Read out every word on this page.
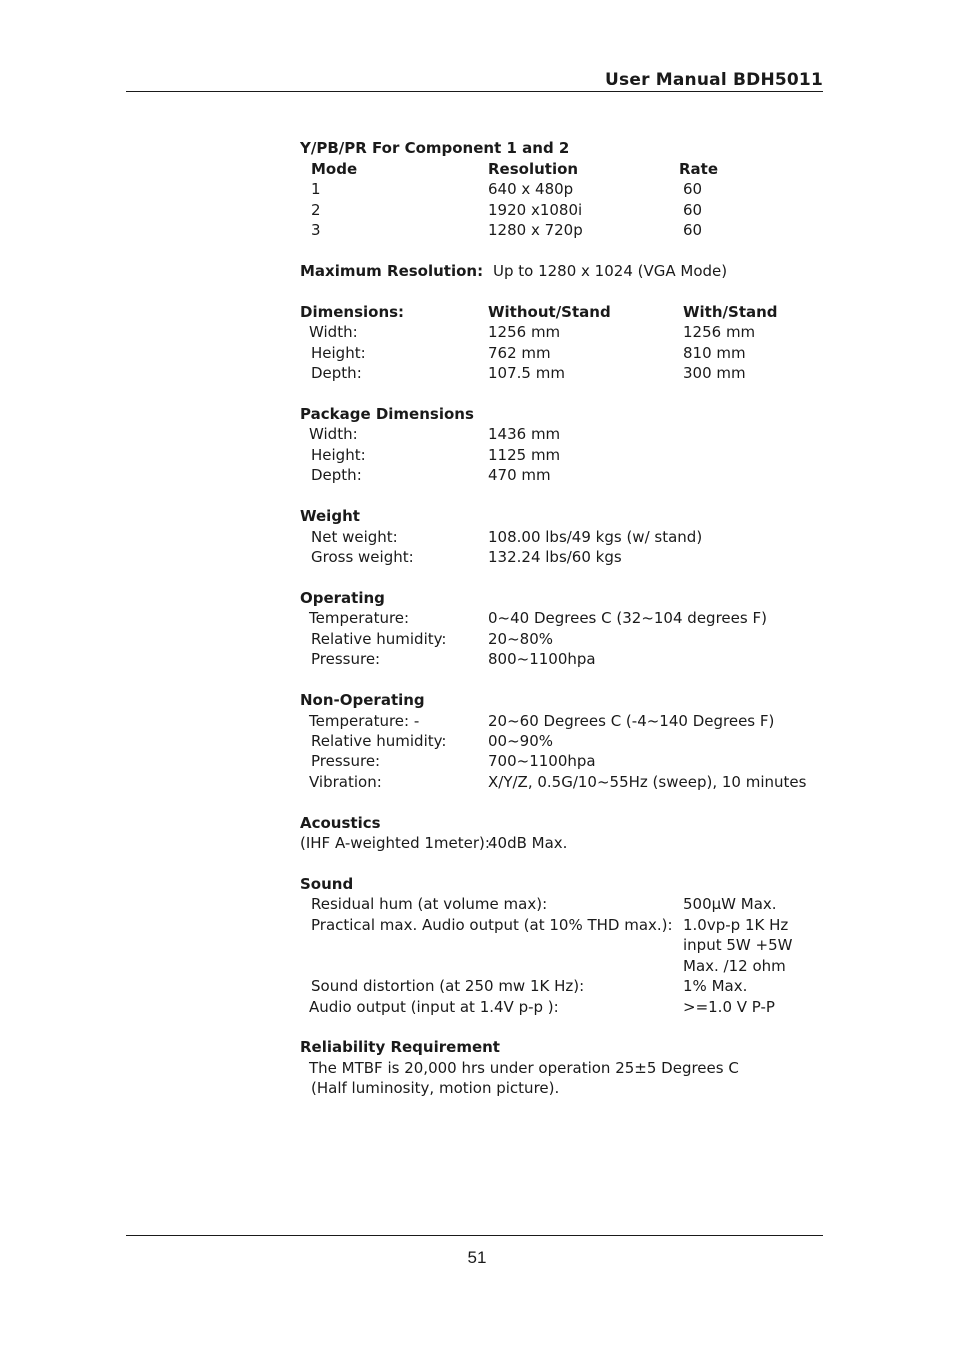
User Manual BDH5011
Y/PB/PR For Component 1 and 2
Mode	Resolution	Rate
1	640 x 480p	60
2	1920 x1080i	60
3	1280 x 720p	60
Maximum Resolution: Up to 1280 x 1024 (VGA Mode)
Dimensions:	Without/Stand	With/Stand
Width:	1256 mm	1256 mm
Height:	762 mm	810 mm
Depth:	107.5 mm	300 mm
Package Dimensions
Width:	1436 mm
Height:	1125 mm
Depth:	470 mm
Weight
Net weight:	108.00 lbs/49 kgs (w/ stand)
Gross weight:	132.24 lbs/60 kgs
Operating
Temperature:	0~40 Degrees C (32~104 degrees F)
Relative humidity:	20~80%
Pressure:	800~1100hpa
Non-Operating
Temperature: -	20~60 Degrees C (-4~140 Degrees F)
Relative humidity:	00~90%
Pressure:	700~1100hpa
Vibration:	X/Y/Z, 0.5G/10~55Hz (sweep), 10 minutes
Acoustics
(IHF A-weighted 1meter):
40dB Max.
Sound
Residual hum (at volume max):	500µW Max.
Practical max. Audio output (at 10% THD max.): 1.0vp-p 1K Hz
input 5W +5W
Max. /12 ohm
Sound distortion (at 250 mw 1K Hz):	1% Max.
Audio output (input at 1.4V p-p ):	>=1.0 V P-P
Reliability Requirement
The MTBF is 20,000 hrs under operation 25±5 Degrees C
(Half luminosity, motion picture).
51
